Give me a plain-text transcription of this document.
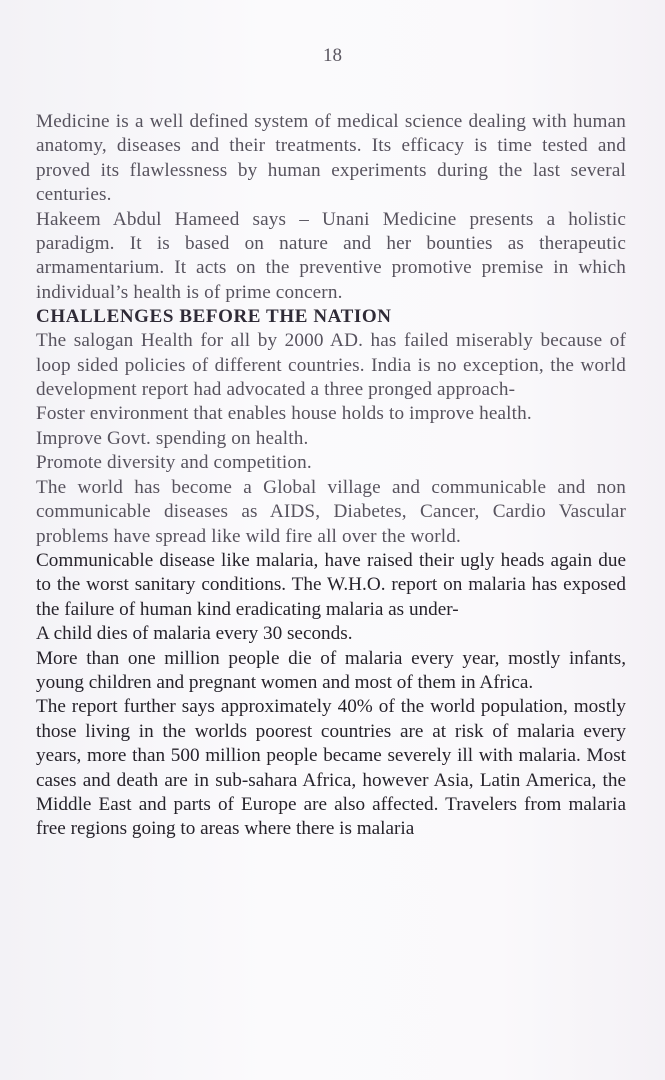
18

Medicine is a well defined system of medical science dealing with human anatomy, diseases and their treatments. Its efficacy is time tested and proved its flawlessness by human experiments during the last several centuries.

Hakeem Abdul Hameed says – Unani Medicine presents a holistic paradigm. It is based on nature and her bounties as therapeutic armamentarium. It acts on the preventive promotive premise in which individual’s health is of prime concern.

CHALLENGES BEFORE THE NATION

The salogan Health for all by 2000 AD. has failed miserably because of loop sided policies of different countries. India is no exception, the world development report had advocated a three pronged approach-

Foster environment that enables house holds to improve health.

Improve Govt. spending on health.

Promote diversity and competition.

The world has become a Global village and communicable and non communicable diseases as AIDS, Diabetes, Cancer, Cardio Vascular problems have spread like wild fire all over the world.

Communicable disease like malaria, have raised their ugly heads again due to the worst sanitary conditions. The W.H.O. report on malaria has exposed the failure of human kind eradicating malaria as under-

A child dies of malaria every 30 seconds.

More than one million people die of malaria every year, mostly infants, young children and pregnant women and most of them in Africa.

The report further says approximately 40% of the world population, mostly those living in the worlds poorest countries are at risk of malaria every years, more than 500 million people became severely ill with malaria. Most cases and death are in sub-sahara Africa, however Asia, Latin America, the Middle East and parts of Europe are also affected. Travelers from malaria free regions going to areas where there is malaria
